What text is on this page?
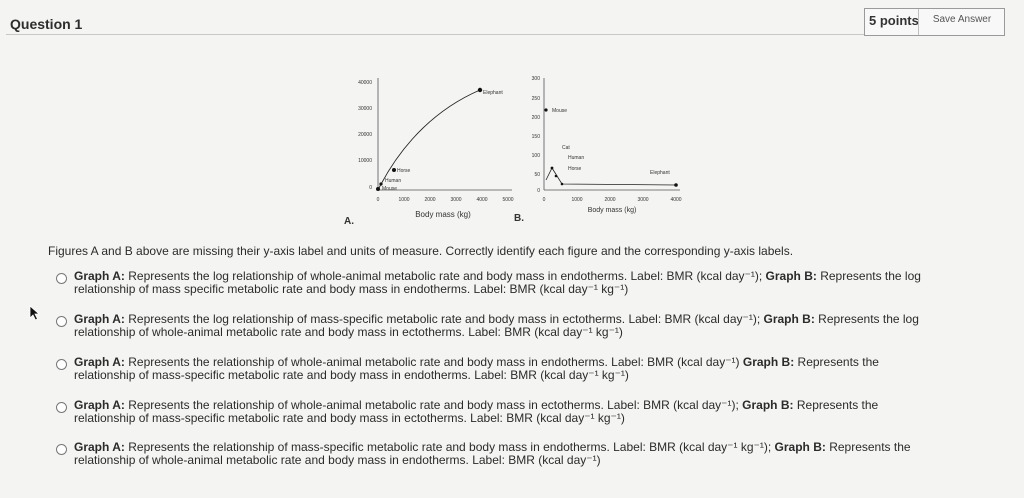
Question 1	5 points	Save Answer
40000
30000
20000
10000
0
0	1000	2000	3000	4000	5000
Elephant
Horse
Human
Mouse
Body mass (kg)
A.
300
250
200
150
100
50
0
0	1000	2000	3000	4000
Mouse
Cat
Human
Horse
Elephant
Body mass (kg)
B.
Figures A and B above are missing their y-axis label and units of measure. Correctly identify each figure and the corresponding y-axis labels.
Graph A: Represents the log relationship of whole-animal metabolic rate and body mass in endotherms. Label: BMR (kcal day⁻¹); Graph B: Represents the log
relationship of mass specific metabolic rate and body mass in endotherms. Label: BMR (kcal day⁻¹ kg⁻¹)
Graph A: Represents the log relationship of mass-specific metabolic rate and body mass in ectotherms. Label: BMR (kcal day⁻¹); Graph B: Represents the log
relationship of whole-animal metabolic rate and body mass in ectotherms. Label: BMR (kcal day⁻¹ kg⁻¹)
Graph A: Represents the relationship of whole-animal metabolic rate and body mass in endotherms. Label: BMR (kcal day⁻¹) Graph B: Represents the
relationship of mass-specific metabolic rate and body mass in endotherms. Label: BMR (kcal day⁻¹ kg⁻¹)
Graph A: Represents the relationship of whole-animal metabolic rate and body mass in ectotherms. Label: BMR (kcal day⁻¹); Graph B: Represents the
relationship of mass-specific metabolic rate and body mass in ectotherms. Label: BMR (kcal day⁻¹ kg⁻¹)
Graph A: Represents the relationship of mass-specific metabolic rate and body mass in endotherms. Label: BMR (kcal day⁻¹ kg⁻¹); Graph B: Represents the
relationship of whole-animal metabolic rate and body mass in endotherms. Label: BMR (kcal day⁻¹)
